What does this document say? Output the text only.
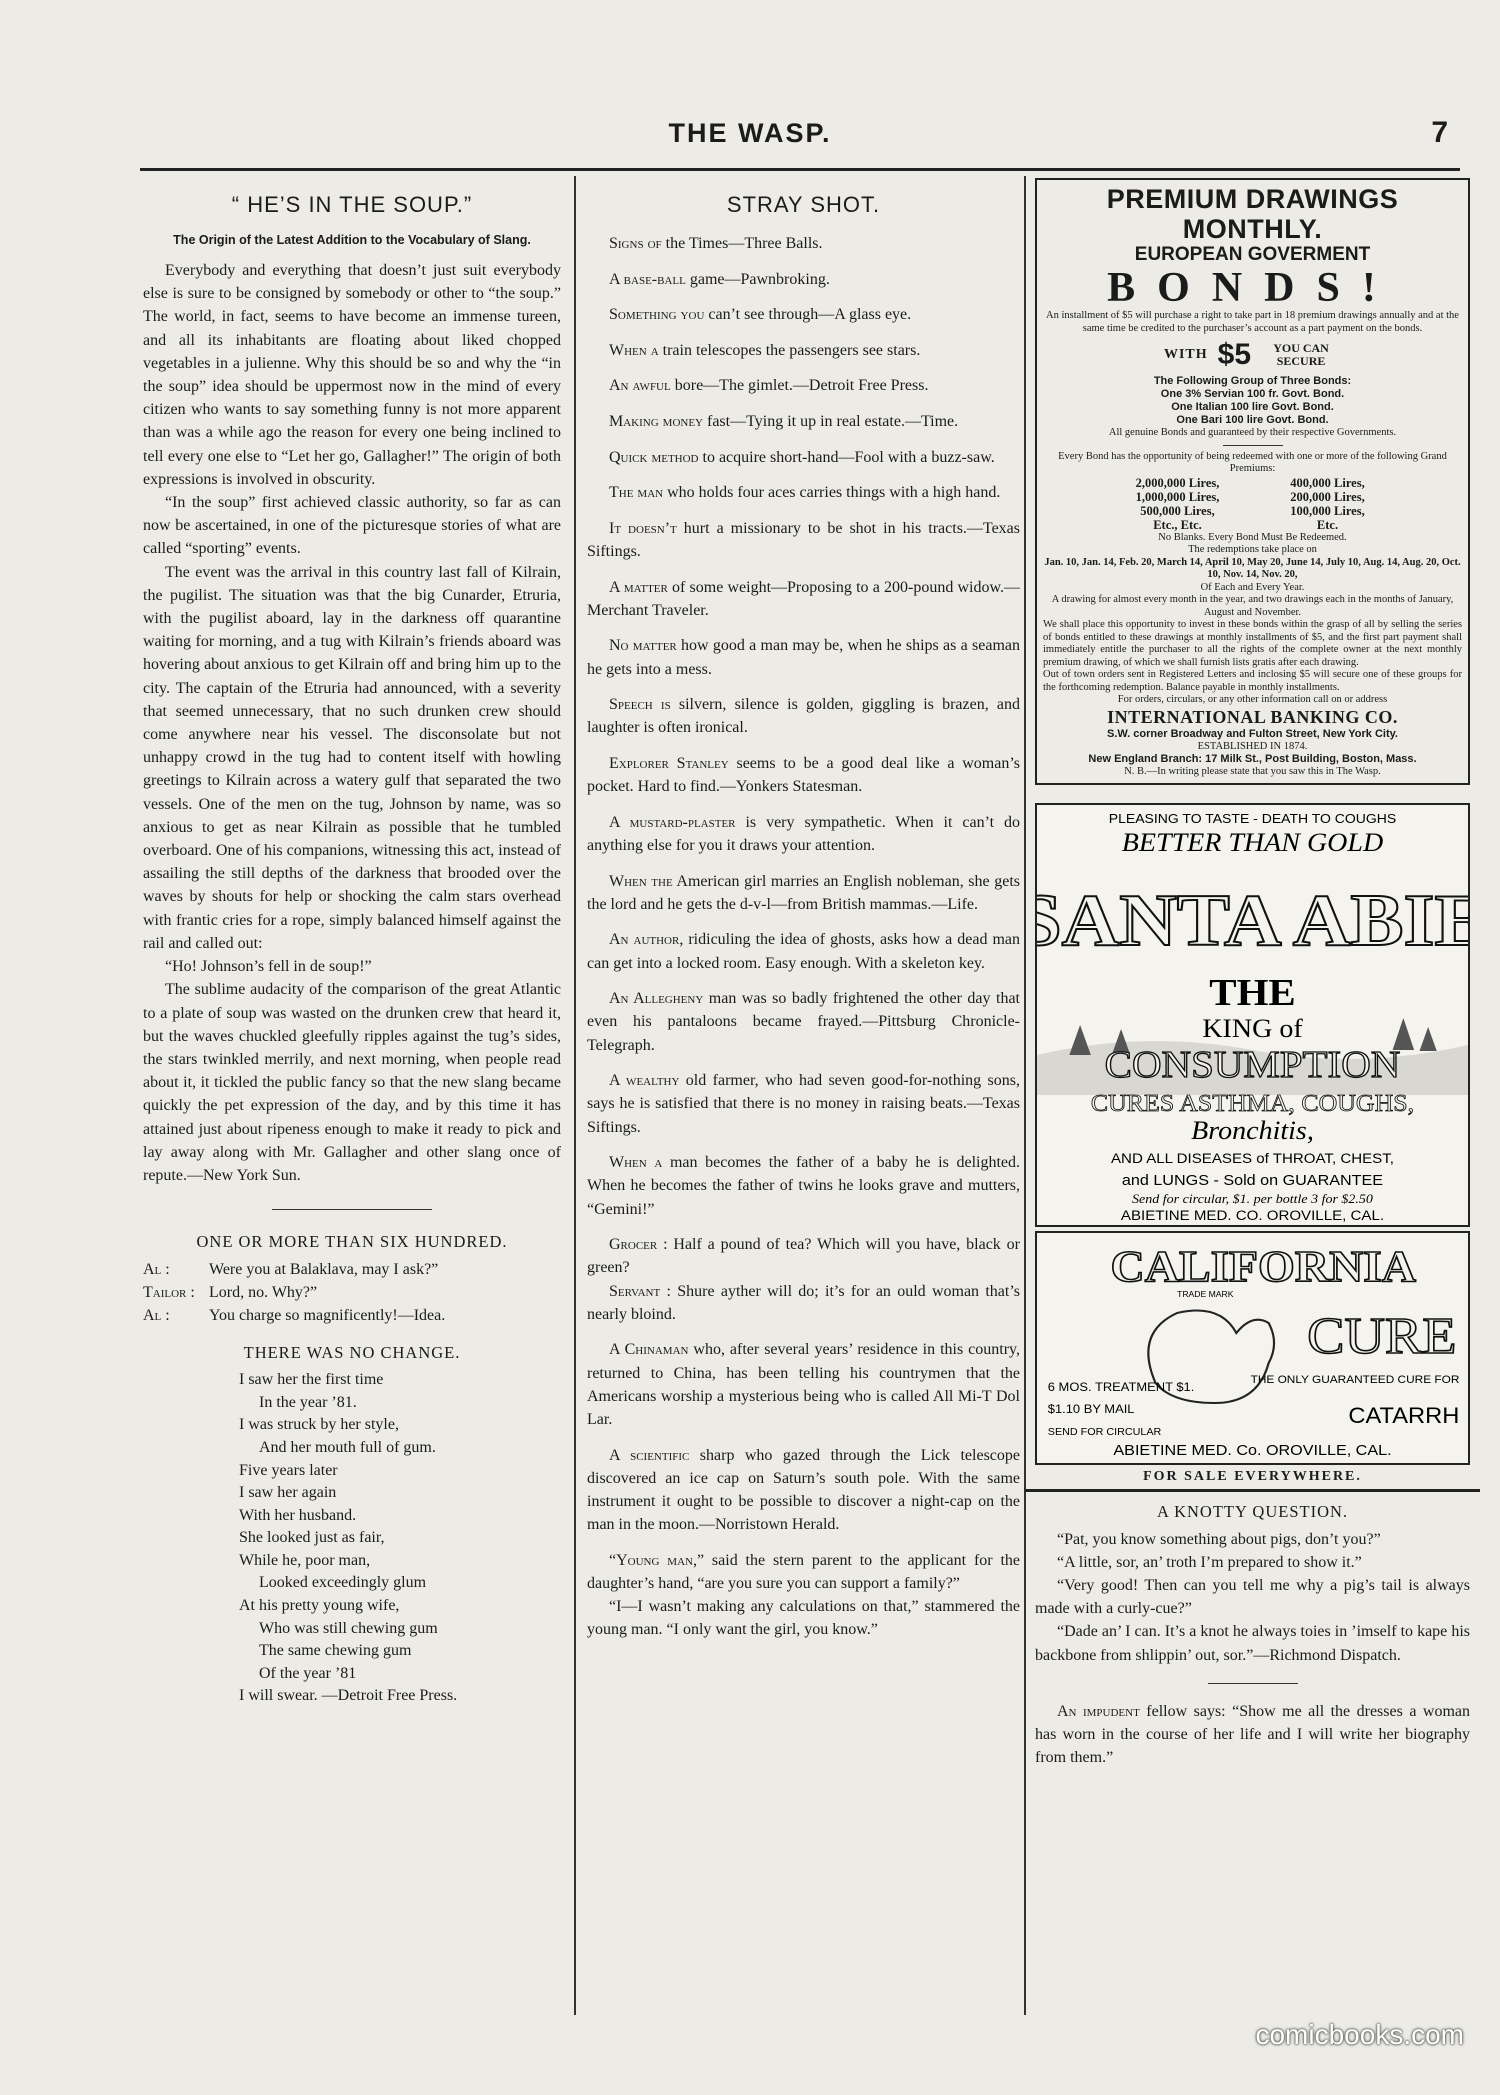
THE WASP.	7
“ HE’S IN THE SOUP.”
The Origin of the Latest Addition to the Vocabulary of Slang.

Everybody and everything that doesn’t just suit everybody else is sure to be consigned by somebody or other to “the soup.” The world, in fact, seems to have become an immense tureen, and all its inhabitants are floating about liked chopped vegetables in a julienne. Why this should be so and why the “in the soup” idea should be uppermost now in the mind of every citizen who wants to say something funny is not more apparent than was a while ago the reason for every one being inclined to tell every one else to “Let her go, Gallagher!” The origin of both expressions is involved in obscurity.

“In the soup” first achieved classic authority, so far as can now be ascertained, in one of the picturesque stories of what are called “sporting” events.

The event was the arrival in this country last fall of Kilrain, the pugilist. The situation was that the big Cunarder, Etruria, with the pugilist aboard, lay in the darkness off quarantine waiting for morning, and a tug with Kilrain’s friends aboard was hovering about anxious to get Kilrain off and bring him up to the city. The captain of the Etruria had announced, with a severity that seemed unnecessary, that no such drunken crew should come anywhere near his vessel. The disconsolate but not unhappy crowd in the tug had to content itself with howling greetings to Kilrain across a watery gulf that separated the two vessels. One of the men on the tug, Johnson by name, was so anxious to get as near Kilrain as possible that he tumbled overboard. One of his companions, witnessing this act, instead of assailing the still depths of the darkness that brooded over the waves by shouts for help or shocking the calm stars overhead with frantic cries for a rope, simply balanced himself against the rail and called out:

“Ho! Johnson’s fell in de soup!”

The sublime audacity of the comparison of the great Atlantic to a plate of soup was wasted on the drunken crew that heard it, but the waves chuckled gleefully ripples against the tug’s sides, the stars twinkled merrily, and next morning, when people read about it, it tickled the public fancy so that the new slang became quickly the pet expression of the day, and by this time it has attained just about ripeness enough to make it ready to pick and lay away along with Mr. Gallagher and other slang once of repute.—New York Sun.

ONE OR MORE THAN SIX HUNDRED.
Al : Were you at Balaklava, may I ask?”
Tailor : Lord, no. Why?”
Al : You charge so magnificently!—Idea.
THERE WAS NO CHANGE.
I saw her the first time
In the year ’81.
I was struck by her style,
And her mouth full of gum.
Five years later
I saw her again
With her husband.
She looked just as fair,
While he, poor man,
Looked exceedingly glum
At his pretty young wife,
Who was still chewing gum
The same chewing gum
Of the year ’81
I will swear. —Detroit Free Press.
STRAY SHOT.

Signs of the Times—Three Balls.

A base-ball game—Pawnbroking.

Something you can’t see through—A glass eye.

When a train telescopes the passengers see stars.

An awful bore—The gimlet.—Detroit Free Press.

Making money fast—Tying it up in real estate.—Time.

Quick method to acquire short-hand—Fool with a buzz-saw.

The man who holds four aces carries things with a high hand.

It doesn’t hurt a missionary to be shot in his tracts.—Texas Siftings.

A matter of some weight—Proposing to a 200-pound widow.—Merchant Traveler.

No matter how good a man may be, when he ships as a seaman he gets into a mess.

Speech is silvern, silence is golden, giggling is brazen, and laughter is often ironical.

Explorer Stanley seems to be a good deal like a woman’s pocket. Hard to find.—Yonkers Statesman.

A mustard-plaster is very sympathetic. When it can’t do anything else for you it draws your attention.

When the American girl marries an English nobleman, she gets the lord and he gets the d-v-l—from British mammas.—Life.

An author, ridiculing the idea of ghosts, asks how a dead man can get into a locked room. Easy enough. With a skeleton key.

An Allegheny man was so badly frightened the other day that even his pantaloons became frayed.—Pittsburg Chronicle-Telegraph.

A wealthy old farmer, who had seven good-for-nothing sons, says he is satisfied that there is no money in raising beats.—Texas Siftings.

When a man becomes the father of a baby he is delighted. When he becomes the father of twins he looks grave and mutters, “Gemini!”

Grocer : Half a pound of tea? Which will you have, black or green?

Servant : Shure ayther will do; it’s for an ould woman that’s nearly bloind.

A Chinaman who, after several years’ residence in this country, returned to China, has been telling his countrymen that the Americans worship a mysterious being who is called All Mi-T Dol Lar.

A scientific sharp who gazed through the Lick telescope discovered an ice cap on Saturn’s south pole. With the same instrument it ought to be possible to discover a night-cap on the man in the moon.—Norristown Herald.

“Young man,” said the stern parent to the applicant for the daughter’s hand, “are you sure you can support a family?”

“I—I wasn’t making any calculations on that,” stammered the young man. “I only want the girl, you know.”

PREMIUM DRAWINGS MONTHLY.
EUROPEAN GOVERMENT
BONDS!
An installment of $5 will purchase a right to take part in 18 premium drawings annually and at the same time be credited to the purchaser’s account as a part payment on the bonds.
WITH $5	YOU CAN SECURE
The Following Group of Three Bonds:
One 3% Servian 100 fr. Govt. Bond.
One Italian 100 lire Govt. Bond.
One Bari 100 lire Govt. Bond.
All genuine Bonds and guaranteed by their respective Governments.
Every Bond has the opportunity of being redeemed with one or more of the following Grand Premiums:
2,000,000 Lires,	400,000 Lires,
1,000,000 Lires,	200,000 Lires,
500,000 Lires,	100,000 Lires,
Etc., Etc.	Etc.
No Blanks. Every Bond Must Be Redeemed.
The redemptions take place on
Jan. 10, Jan. 14, Feb. 20, March 14, April 10, May 20, June 14, July 10, Aug. 14, Aug. 20, Oct. 10, Nov. 14, Nov. 20,
Of Each and Every Year.
A drawing for almost every month in the year, and two drawings each in the months of January, August and November.
We shall place this opportunity to invest in these bonds within the grasp of all by selling the series of bonds entitled to these drawings at monthly installments of $5, and the first part payment shall immediately entitle the purchaser to all the rights of the complete owner at the next monthly premium drawing, of which we shall furnish lists gratis after each drawing.
Out of town orders sent in Registered Letters and inclosing $5 will secure one of these groups for the forthcoming redemption. Balance payable in monthly installments.
For orders, circulars, or any other information call on or address
INTERNATIONAL BANKING CO.
S.W. corner Broadway and Fulton Street, New York City.
ESTABLISHED IN 1874.
New England Branch: 17 Milk St., Post Building, Boston, Mass.
N. B.—In writing please state that you saw this in The Wasp.
PLEASING TO TASTE - DEATH TO COUGHS
BETTER THAN GOLD
SANTA ABIE
THE
KING of
CONSUMPTION
CURES ASTHMA, COUGHS,
Bronchitis,
AND ALL DISEASES of THROAT, CHEST,
and LUNGS - Sold on GUARANTEE
Send for circular, $1. per bottle 3 for $2.50
ABIETINE MED. CO. OROVILLE, CAL.
CALIFORNIA
TRADE MARK
CURE
6 MOS. TREATMENT $1.
$1.10 BY MAIL
SEND FOR CIRCULAR
THE ONLY GUARANTEED CURE FOR
CATARRH
ABIETINE MED. Co. OROVILLE, CAL.
FOR SALE EVERYWHERE.
A KNOTTY QUESTION.

“Pat, you know something about pigs, don’t you?”

“A little, sor, an’ troth I’m prepared to show it.”

“Very good! Then can you tell me why a pig’s tail is always made with a curly-cue?”

“Dade an’ I can. It’s a knot he always toies in ’imself to kape his backbone from shlippin’ out, sor.”—Richmond Dispatch.

An impudent fellow says: “Show me all the dresses a woman has worn in the course of her life and I will write her biography from them.”

comicbooks.com
